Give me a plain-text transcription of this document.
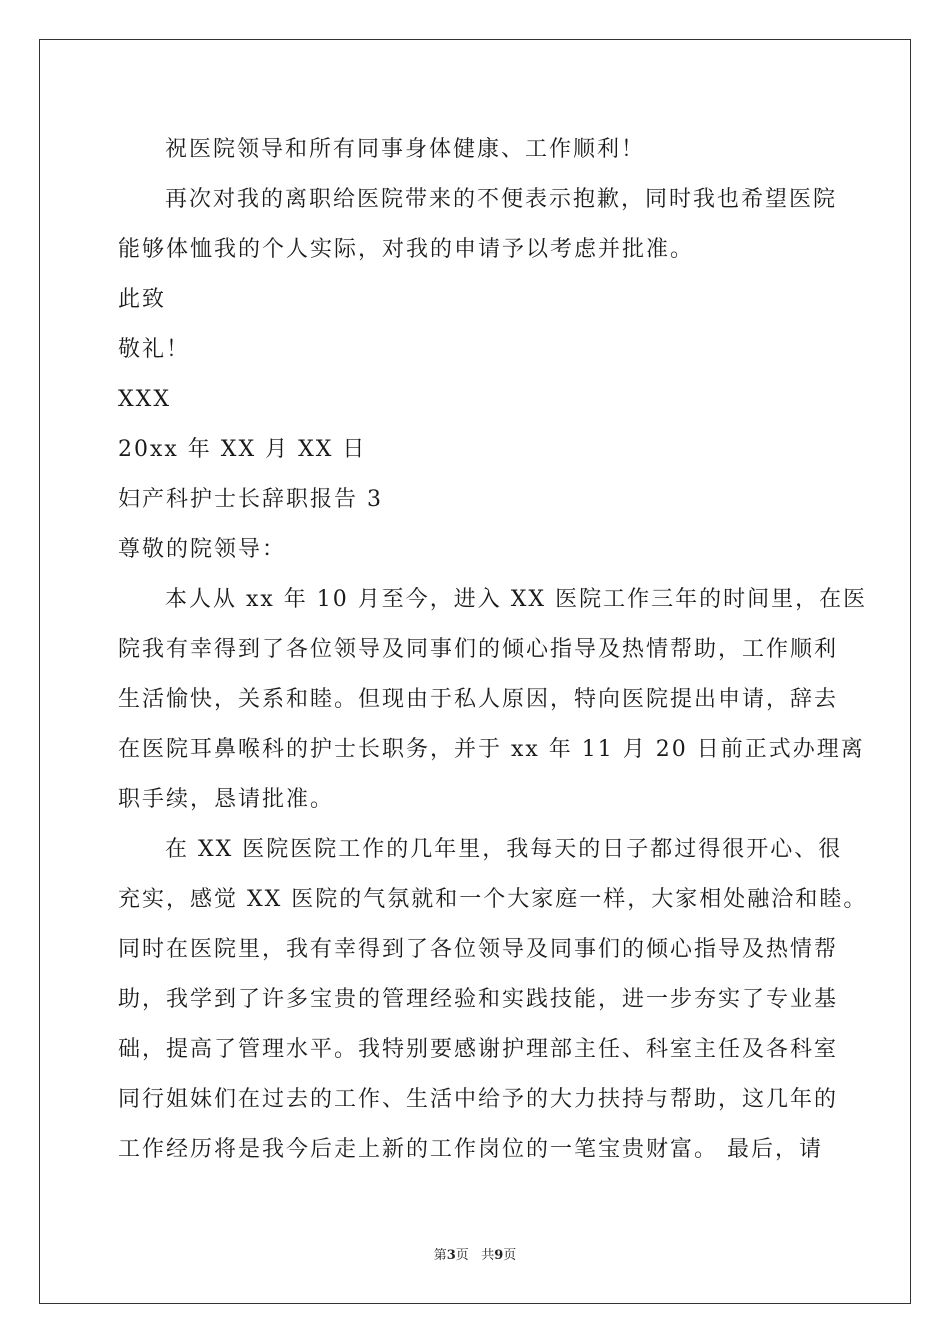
祝医院领导和所有同事身体健康、工作顺利！

再次对我的离职给医院带来的不便表示抱歉，同时我也希望医院

能够体恤我的个人实际，对我的申请予以考虑并批准。

此致

敬礼！

XXX

20xx 年 XX 月 XX 日

妇产科护士长辞职报告 3

尊敬的院领导：

本人从 xx 年 10 月至今，进入 XX 医院工作三年的时间里，在医

院我有幸得到了各位领导及同事们的倾心指导及热情帮助，工作顺利

生活愉快，关系和睦。但现由于私人原因，特向医院提出申请，辞去

在医院耳鼻喉科的护士长职务，并于 xx 年 11 月 20 日前正式办理离

职手续，恳请批准。

在 XX 医院医院工作的几年里，我每天的日子都过得很开心、很

充实，感觉 XX 医院的气氛就和一个大家庭一样，大家相处融洽和睦。

同时在医院里，我有幸得到了各位领导及同事们的倾心指导及热情帮

助，我学到了许多宝贵的管理经验和实践技能，进一步夯实了专业基

础，提高了管理水平。我特别要感谢护理部主任、科室主任及各科室

同行姐妹们在过去的工作、生活中给予的大力扶持与帮助，这几年的

工作经历将是我今后走上新的工作岗位的一笔宝贵财富。 最后，请

第3页 共9页
